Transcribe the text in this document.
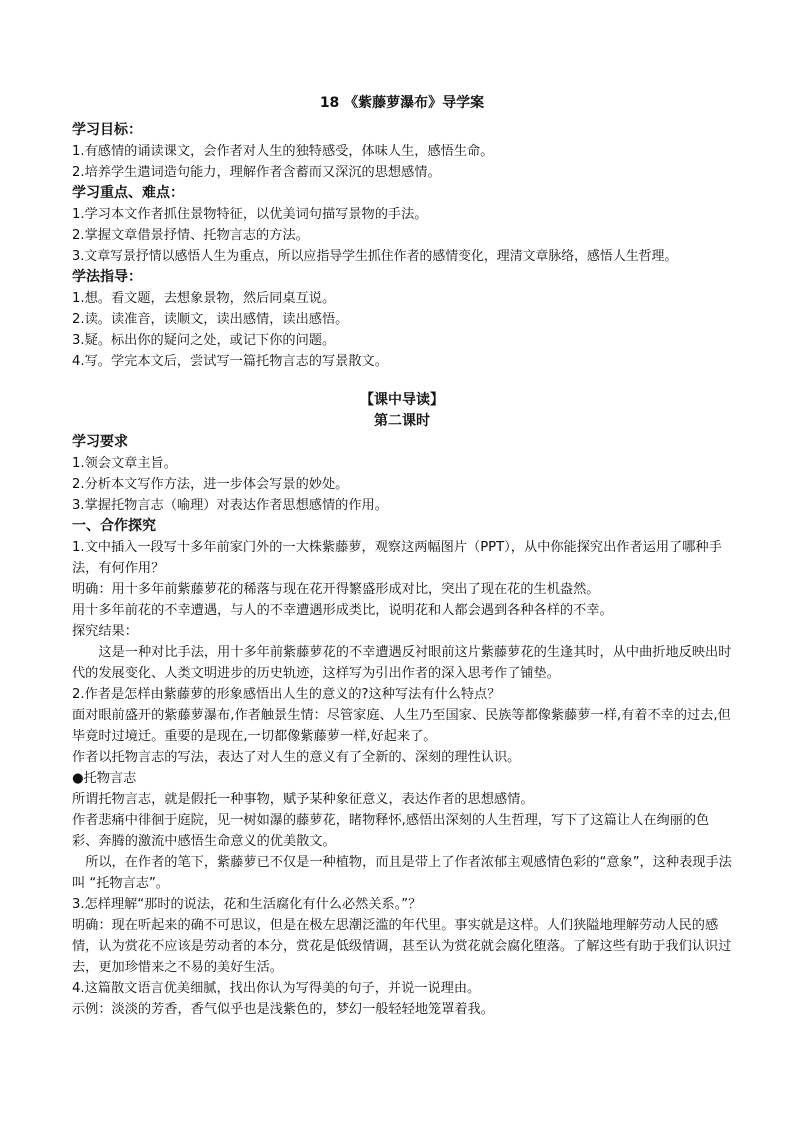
18 《紫藤萝瀑布》导学案
学习目标：
1.有感情的诵读课文，会作者对人生的独特感受，体味人生，感悟生命。
2.培养学生遣词造句能力，理解作者含蓄而又深沉的思想感情。
学习重点、难点：
1.学习本文作者抓住景物特征，以优美词句描写景物的手法。
2.掌握文章借景抒情、托物言志的方法。
3.文章写景抒情以感悟人生为重点，所以应指导学生抓住作者的感情变化，理清文章脉络，感悟人生哲理。
学法指导：
1.想。看文题，去想象景物，然后同桌互说。
2.读。读准音，读顺文，读出感情，读出感悟。
3.疑。标出你的疑问之处，或记下你的问题。
4.写。学完本文后，尝试写一篇托物言志的写景散文。
【课中导读】
第二课时
学习要求
1.领会文章主旨。
2.分析本文写作方法，进一步体会写景的妙处。
3.掌握托物言志（喻理）对表达作者思想感情的作用。
一、合作探究
1.文中插入一段写十多年前家门外的一大株紫藤萝，观察这两幅图片（PPT），从中你能探究出作者运用了哪种手法，有何作用？
明确：用十多年前紫藤萝花的稀落与现在花开得繁盛形成对比，突出了现在花的生机盎然。
用十多年前花的不幸遭遇，与人的不幸遭遇形成类比，说明花和人都会遇到各种各样的不幸。
探究结果：
这是一种对比手法，用十多年前紫藤萝花的不幸遭遇反衬眼前这片紫藤萝花的生逢其时，从中曲折地反映出时代的发展变化、人类文明进步的历史轨迹，这样写为引出作者的深入思考作了铺垫。
2.作者是怎样由紫藤萝的形象感悟出人生的意义的?这种写法有什么特点？
面对眼前盛开的紫藤萝瀑布,作者触景生情：尽管家庭、人生乃至国家、民族等都像紫藤萝一样,有着不幸的过去,但毕竟时过境迁。重要的是现在,一切都像紫藤萝一样,好起来了。
作者以托物言志的写法，表达了对人生的意义有了全新的、深刻的理性认识。
●托物言志
所谓托物言志，就是假托一种事物，赋予某种象征意义，表达作者的思想感情。
作者悲痛中徘徊于庭院，见一树如瀑的藤萝花，睹物释怀,感悟出深刻的人生哲理，写下了这篇让人在绚丽的色彩、奔腾的激流中感悟生命意义的优美散文。
所以，在作者的笔下，紫藤萝已不仅是一种植物，而且是带上了作者浓郁主观感情色彩的“意象”，这种表现手法叫 “托物言志”。
3.怎样理解“那时的说法，花和生活腐化有什么必然关系。”？
明确：现在听起来的确不可思议，但是在极左思潮泛滥的年代里。事实就是这样。人们狭隘地理解劳动人民的感情，认为赏花不应该是劳动者的本分，赏花是低级情调，甚至认为赏花就会腐化堕落。了解这些有助于我们认识过去，更加珍惜来之不易的美好生活。
4.这篇散文语言优美细腻，找出你认为写得美的句子，并说一说理由。
示例：淡淡的芳香，香气似乎也是浅紫色的，梦幻一般轻轻地笼罩着我。
